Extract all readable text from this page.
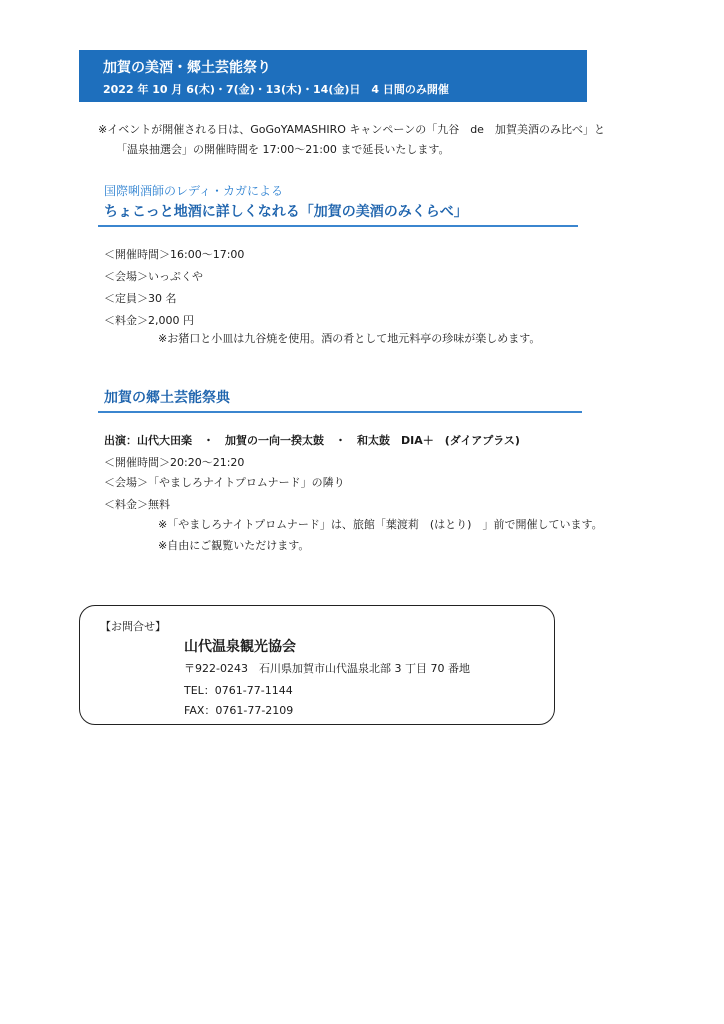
加賀の美酒・郷土芸能祭り
2022 年 10 月 6(木)・7(金)・13(木)・14(金)日　4 日間のみ開催
※イベントが開催される日は、GoGoYAMASHIRO キャンペーンの「九谷　de　加賀美酒のみ比べ」と
「温泉抽選会」の開催時間を 17:00～21:00 まで延長いたします。
国際唎酒師のレディ・カガによる
ちょこっと地酒に詳しくなれる「加賀の美酒のみくらべ」
＜開催時間＞16:00～17:00
＜会場＞いっぷくや
＜定員＞30 名
＜料金＞2,000 円
※お猪口と小皿は九谷焼を使用。酒の肴として地元料亭の珍味が楽しめます。
加賀の郷土芸能祭典
出演：山代大田楽　・　加賀の一向一揆太鼓　・　和太鼓　DIA＋　(ダイアプラス)
＜開催時間＞20:20～21:20
＜会場＞「やましろナイトプロムナード」の隣り
＜料金＞無料
※「やましろナイトプロムナード」は、旅館「葉渡莉　(はとり)　」前で開催しています。
※自由にご観覧いただけます。
【お問合せ】
山代温泉観光協会
〒922-0243　石川県加賀市山代温泉北部 3 丁目 70 番地
TEL：0761-77-1144
FAX：0761-77-2109
